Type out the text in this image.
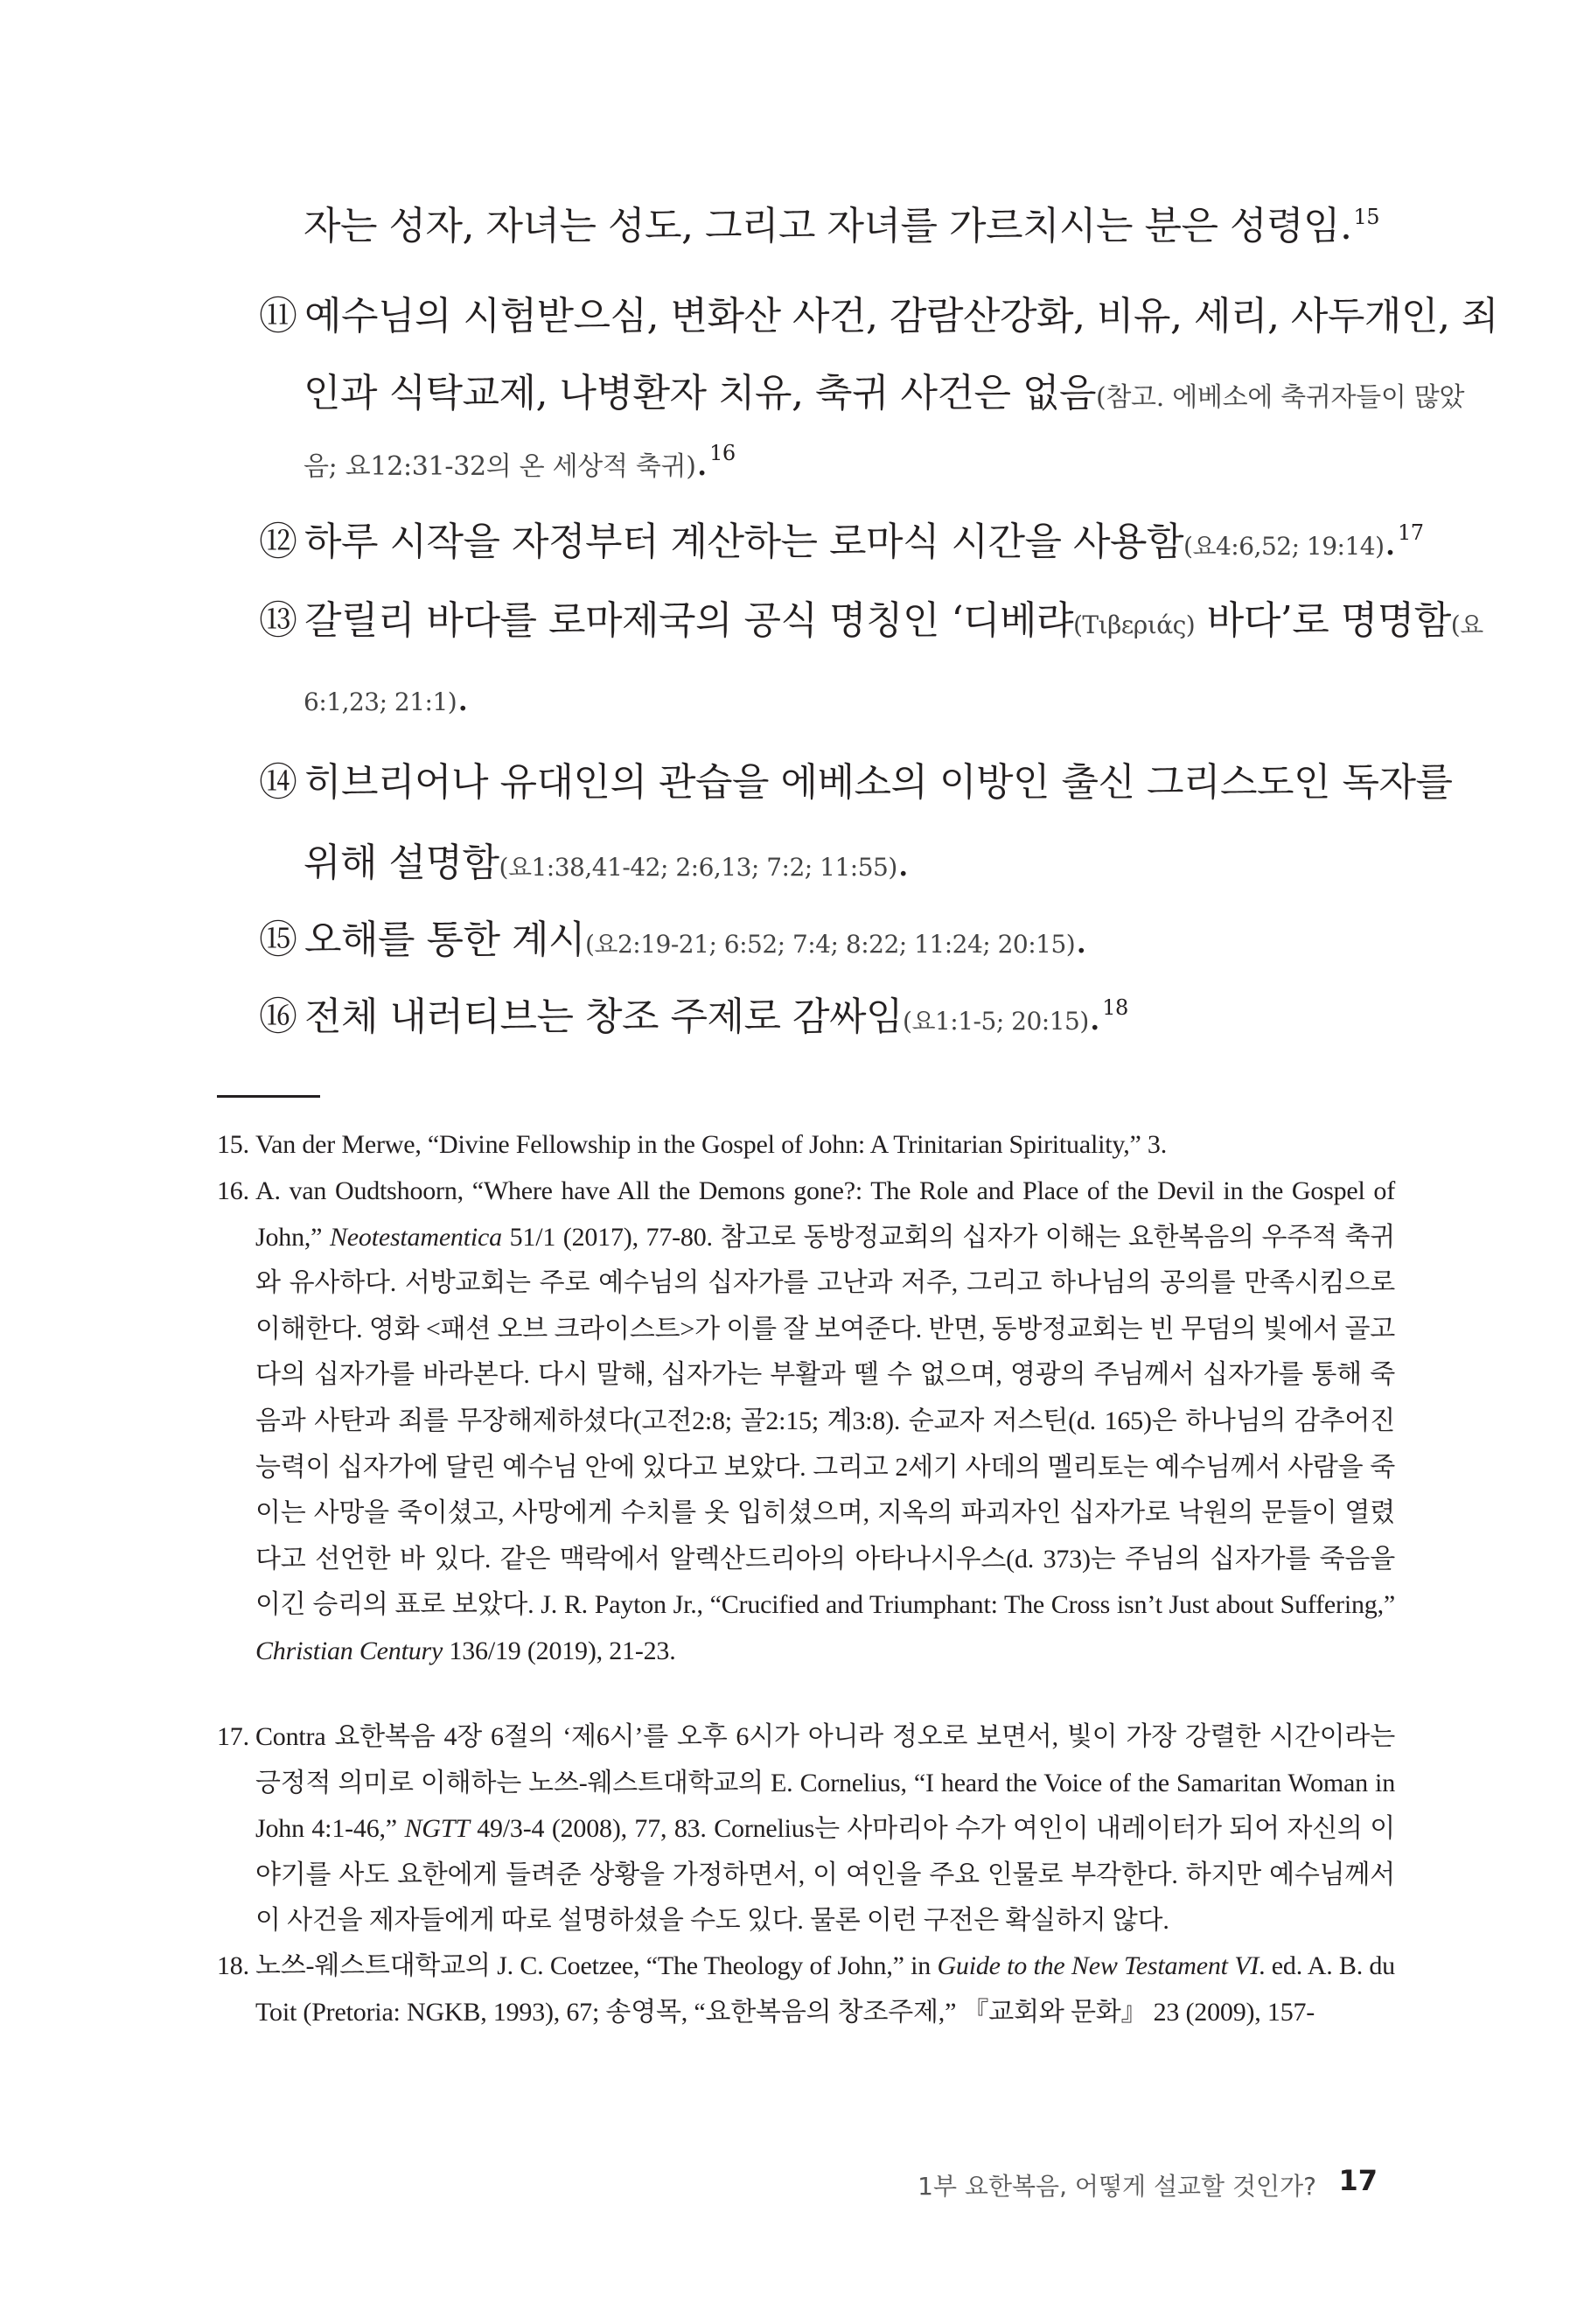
자는 성자, 자녀는 성도, 그리고 자녀를 가르치시는 분은 성령임.$^{15}$
⑪ 예수님의 시험받으심, 변화산 사건, 감람산강화, 비유, 세리, 사두개인, 죄
인과 식탁교제, 나병환자 치유, 축귀 사건은 없음(참고. 에베소에 축귀자들이 많았
음; 요12:31-32의 온 세상적 축귀).$^{16}$
⑫ 하루 시작을 자정부터 계산하는 로마식 시간을 사용함(요4:6,52; 19:14).$^{17}$
⑬ 갈릴리 바다를 로마제국의 공식 명칭인 ‘디베랴(Τιβεριάς) 바다’로 명명함(요
6:1,23; 21:1).
⑭ 히브리어나 유대인의 관습을 에베소의 이방인 출신 그리스도인 독자를
위해 설명함(요1:38,41-42; 2:6,13; 7:2; 11:55).
⑮ 오해를 통한 계시(요2:19-21; 6:52; 7:4; 8:22; 11:24; 20:15).
⑯ 전체 내러티브는 창조 주제로 감싸임(요1:1-5; 20:15).$^{18}$

15. Van der Merwe, “Divine Fellowship in the Gospel of John: A Trinitarian Spirituality,” 3.

16. A. van Oudtshoorn, “Where have All the Demons gone?: The Role and Place of the Devil in the Gospel of John,” Neotestamentica 51/1 (2017), 77-80. 참고로 동방정교회의 십자가 이해는 요한복음의 우주적 축귀와 유사하다. 서방교회는 주로 예수님의 십자가를 고난과 저주, 그리고 하나님의 공의를 만족시킴으로 이해한다. 영화 <패션 오브 크라이스트>가 이를 잘 보여준다. 반면, 동방정교회는 빈 무덤의 빛에서 골고다의 십자가를 바라본다. 다시 말해, 십자가는 부활과 뗄 수 없으며, 영광의 주님께서 십자가를 통해 죽음과 사탄과 죄를 무장해제하셨다(고전2:8; 골2:15; 계3:8). 순교자 저스틴(d. 165)은 하나님의 감추어진 능력이 십자가에 달린 예수님 안에 있다고 보았다. 그리고 2세기 사데의 멜리토는 예수님께서 사람을 죽이는 사망을 죽이셨고, 사망에게 수치를 옷 입히셨으며, 지옥의 파괴자인 십자가로 낙원의 문들이 열렸다고 선언한 바 있다. 같은 맥락에서 알렉산드리아의 아타나시우스(d. 373)는 주님의 십자가를 죽음을 이긴 승리의 표로 보았다. J. R. Payton Jr., “Crucified and Triumphant: The Cross isn’t Just about Suffering,” Christian Century 136/19 (2019), 21-23.

17. Contra 요한복음 4장 6절의 ‘제6시’를 오후 6시가 아니라 정오로 보면서, 빛이 가장 강렬한 시간이라는 긍정적 의미로 이해하는 노쓰-웨스트대학교의 E. Cornelius, “I heard the Voice of the Samaritan Woman in John 4:1-46,” NGTT 49/3-4 (2008), 77, 83. Cornelius는 사마리아 수가 여인이 내레이터가 되어 자신의 이야기를 사도 요한에게 들려준 상황을 가정하면서, 이 여인을 주요 인물로 부각한다. 하지만 예수님께서 이 사건을 제자들에게 따로 설명하셨을 수도 있다. 물론 이런 구전은 확실하지 않다.

18. 노쓰-웨스트대학교의 J. C. Coetzee, “The Theology of John,” in Guide to the New Testament VI. ed. A. B. du Toit (Pretoria: NGKB, 1993), 67; 송영목, “요한복음의 창조주제,” 『교회와 문화』 23 (2009), 157-

1부 요한복음, 어떻게 설교할 것인가? 17
